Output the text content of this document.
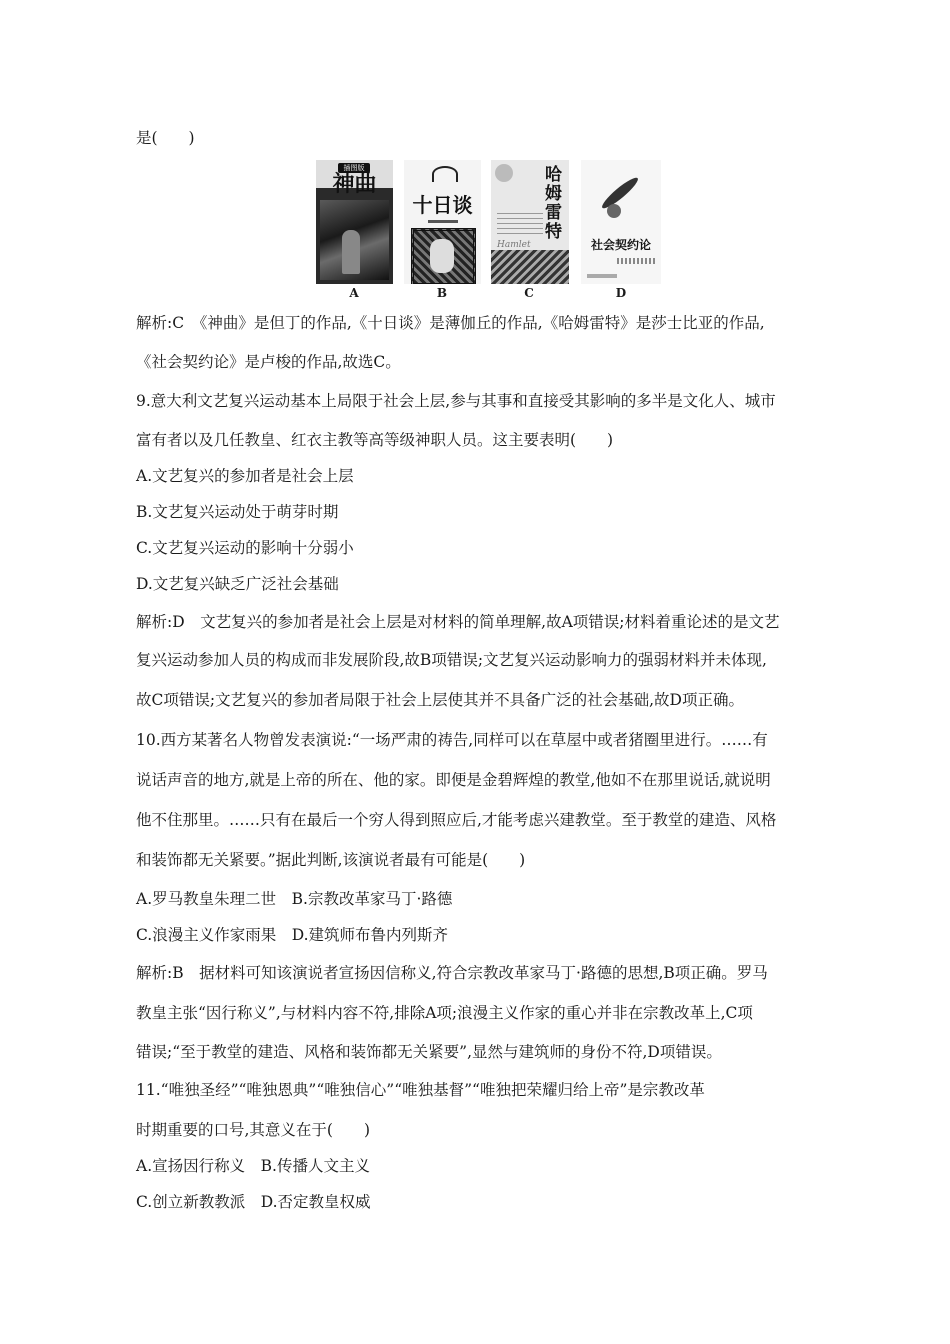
是(　　)
插图版
神曲
A
十日谈
B
哈姆雷特
Hamlet
C
社会契约论
D
解析:C　《神曲》是但丁的作品,《十日谈》是薄伽丘的作品,《哈姆雷特》是莎士比亚的作品,
《社会契约论》是卢梭的作品,故选C。
9.意大利文艺复兴运动基本上局限于社会上层,参与其事和直接受其影响的多半是文化人、城市
富有者以及几任教皇、红衣主教等高等级神职人员。这主要表明(　　)
A.文艺复兴的参加者是社会上层
B.文艺复兴运动处于萌芽时期
C.文艺复兴运动的影响十分弱小
D.文艺复兴缺乏广泛社会基础
解析:D　文艺复兴的参加者是社会上层是对材料的简单理解,故A项错误;材料着重论述的是文艺
复兴运动参加人员的构成而非发展阶段,故B项错误;文艺复兴运动影响力的强弱材料并未体现,
故C项错误;文艺复兴的参加者局限于社会上层使其并不具备广泛的社会基础,故D项正确。
10.西方某著名人物曾发表演说:“一场严肃的祷告,同样可以在草屋中或者猪圈里进行。……有
说话声音的地方,就是上帝的所在、他的家。即便是金碧辉煌的教堂,他如不在那里说话,就说明
他不住那里。……只有在最后一个穷人得到照应后,才能考虑兴建教堂。至于教堂的建造、风格
和装饰都无关紧要。”据此判断,该演说者最有可能是(　　)
A.罗马教皇朱理二世　B.宗教改革家马丁·路德
C.浪漫主义作家雨果　D.建筑师布鲁内列斯齐
解析:B　据材料可知该演说者宣扬因信称义,符合宗教改革家马丁·路德的思想,B项正确。罗马
教皇主张“因行称义”,与材料内容不符,排除A项;浪漫主义作家的重心并非在宗教改革上,C项
错误;“至于教堂的建造、风格和装饰都无关紧要”,显然与建筑师的身份不符,D项错误。
11.“唯独圣经”“唯独恩典”“唯独信心”“唯独基督”“唯独把荣耀归给上帝”是宗教改革
时期重要的口号,其意义在于(　　)
A.宣扬因行称义　B.传播人文主义
C.创立新教教派　D.否定教皇权威
